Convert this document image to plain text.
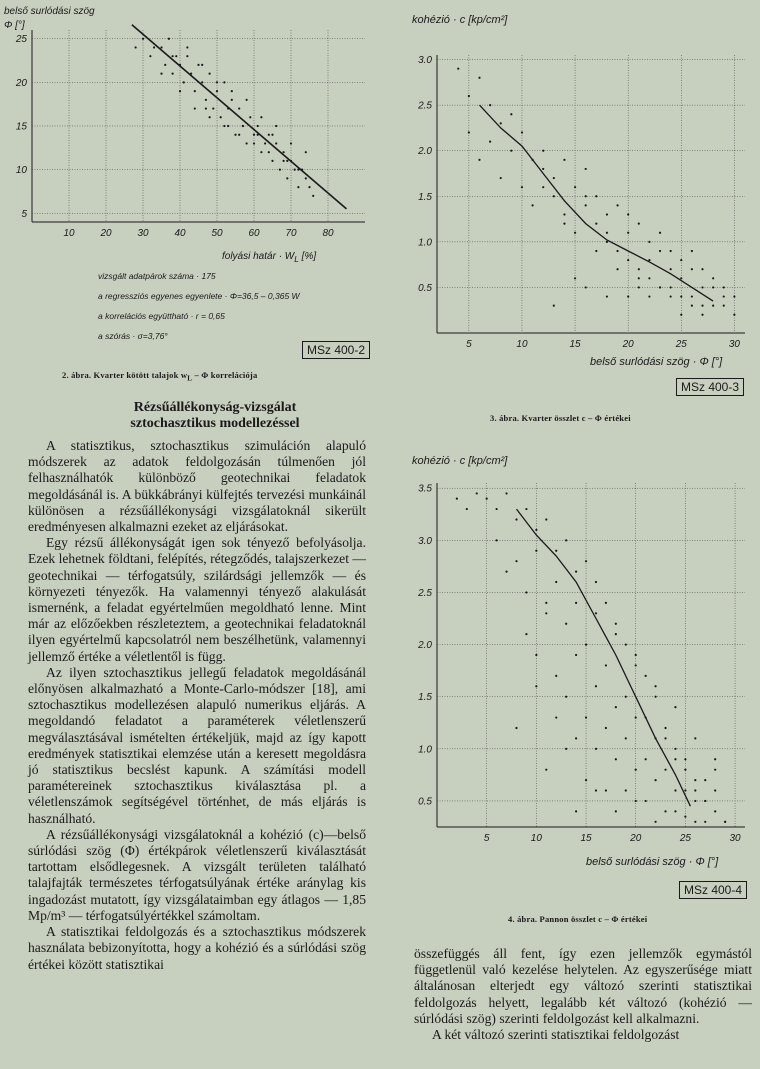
10	20	30	40	50	60	70	80
5
10
15
20
25
belső surlódási szög
Φ [°]
folyási határ · $W_L$ [%]
vizsgált adatpárok száma · 175
a regressziós egyenes egyenlete · Φ=36,5 – 0,365 W
a korrelációs együttható · r = 0,65
a szórás · σ=3,76°
MSz 400-2
2. ábra. Kvarter kötött talajok $w_L$ – Φ korrelációja
5	10	15	20	25	30
0.5
1.0
1.5
2.0
2.5
3.0
kohézió · c [kp/cm²]
belső surlódási szög · Φ [°]
MSz 400-3
3. ábra. Kvarter összlet c – Φ értékei
5	10	15	20	25	30
0.5
1.0
1.5
2.0
2.5
3.0
3.5
kohézió · c [kp/cm²]
belső surlódási szög · Φ [°]
MSz 400-4
4. ábra. Pannon összlet c – Φ értékei
Rézsűállékonyság-vizsgálat
sztochasztikus modellezéssel

A statisztikus, sztochasztikus szimuláción alapuló módszerek az adatok feldolgozásán túlmenően jól felhasználhatók különböző geotechnikai feladatok megoldásánál is. A bükkábrányi külfejtés tervezési munkáinál különösen a rézsűállékonysági vizsgálatoknál sikerült eredményesen alkalmazni ezeket az eljárásokat.

Egy rézsű állékonyságát igen sok tényező befolyásolja. Ezek lehetnek földtani, felépítés, rétegződés, talajszerkezet — geotechnikai — térfogatsúly, szilárdsági jellemzők — és környezeti tényezők. Ha valamennyi tényező alakulását ismernénk, a feladat egyértelműen megoldható lenne. Mint már az előzőekben részleteztem, a geotechnikai feladatoknál ilyen egyértelmű kapcsolatról nem beszélhetünk, valamennyi jellemző értéke a véletlentől is függ.

Az ilyen sztochasztikus jellegű feladatok megoldásánál előnyösen alkalmazható a Monte-Carlo-módszer [18], ami sztochasztikus modellezésen alapuló numerikus eljárás. A megoldandó feladatot a paraméterek véletlenszerű megválasztásával ismételten értékeljük, majd az így kapott eredmények statisztikai elemzése után a keresett megoldásra jó statisztikus becslést kapunk. A számítási modell paramétereinek sztochasztikus kiválasztása pl. a véletlenszámok segítségével történhet, de más eljárás is használható.

A rézsűállékonysági vizsgálatoknál a kohézió (c)—belső súrlódási szög (Φ) értékpárok véletlenszerű kiválasztását tartottam elsődlegesnek. A vizsgált területen található talajfajták természetes térfogatsúlyának értéke aránylag kis ingadozást mutatott, így vizsgálataimban egy átlagos — 1,85 Mp/m³ — térfogatsúlyértékkel számoltam.

A statisztikai feldolgozás és a sztochasztikus módszerek használata bebizonyította, hogy a kohézió és a súrlódási szög értékei között statisztikai

összefüggés áll fent, így ezen jellemzők egymástól függetlenül való kezelése helytelen. Az egyszerűsége miatt általánosan elterjedt egy változó szerinti statisztikai feldolgozás helyett, legalább két változó (kohézió — súrlódási szög) szerinti feldolgozást kell alkalmazni.

A két változó szerinti statisztikai feldolgozást
